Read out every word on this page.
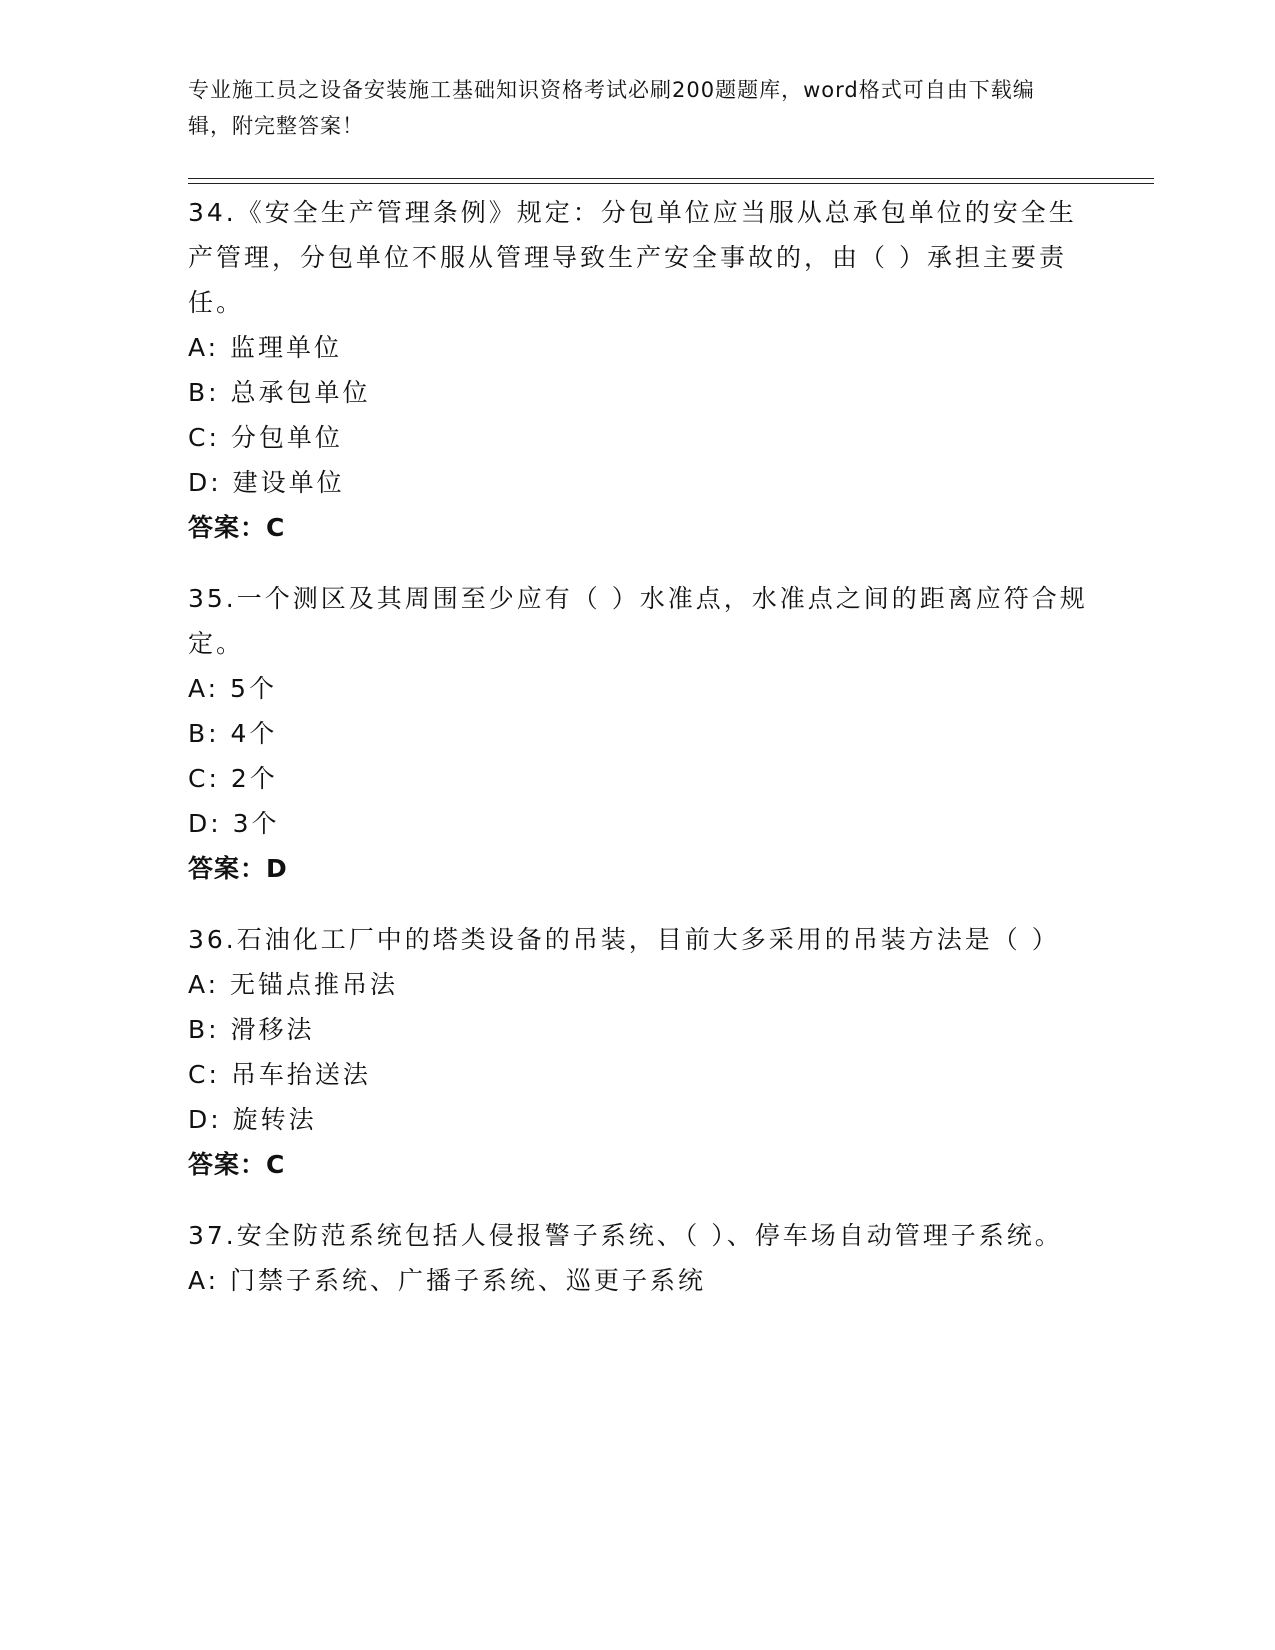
专业施工员之设备安装施工基础知识资格考试必刷200题题库，word格式可自由下载编辑，附完整答案！
34.《安全生产管理条例》规定：分包单位应当服从总承包单位的安全生产管理，分包单位不服从管理导致生产安全事故的，由（ ）承担主要责任。
A: 监理单位
B: 总承包单位
C: 分包单位
D: 建设单位
答案：C
35.一个测区及其周围至少应有（ ）水准点，水准点之间的距离应符合规定。
A: 5个
B: 4个
C: 2个
D: 3个
答案：D
36.石油化工厂中的塔类设备的吊装，目前大多采用的吊装方法是（ ）
A: 无锚点推吊法
B: 滑移法
C: 吊车抬送法
D: 旋转法
答案：C
37.安全防范系统包括人侵报警子系统、（ ）、停车场自动管理子系统。
A: 门禁子系统、广播子系统、巡更子系统
